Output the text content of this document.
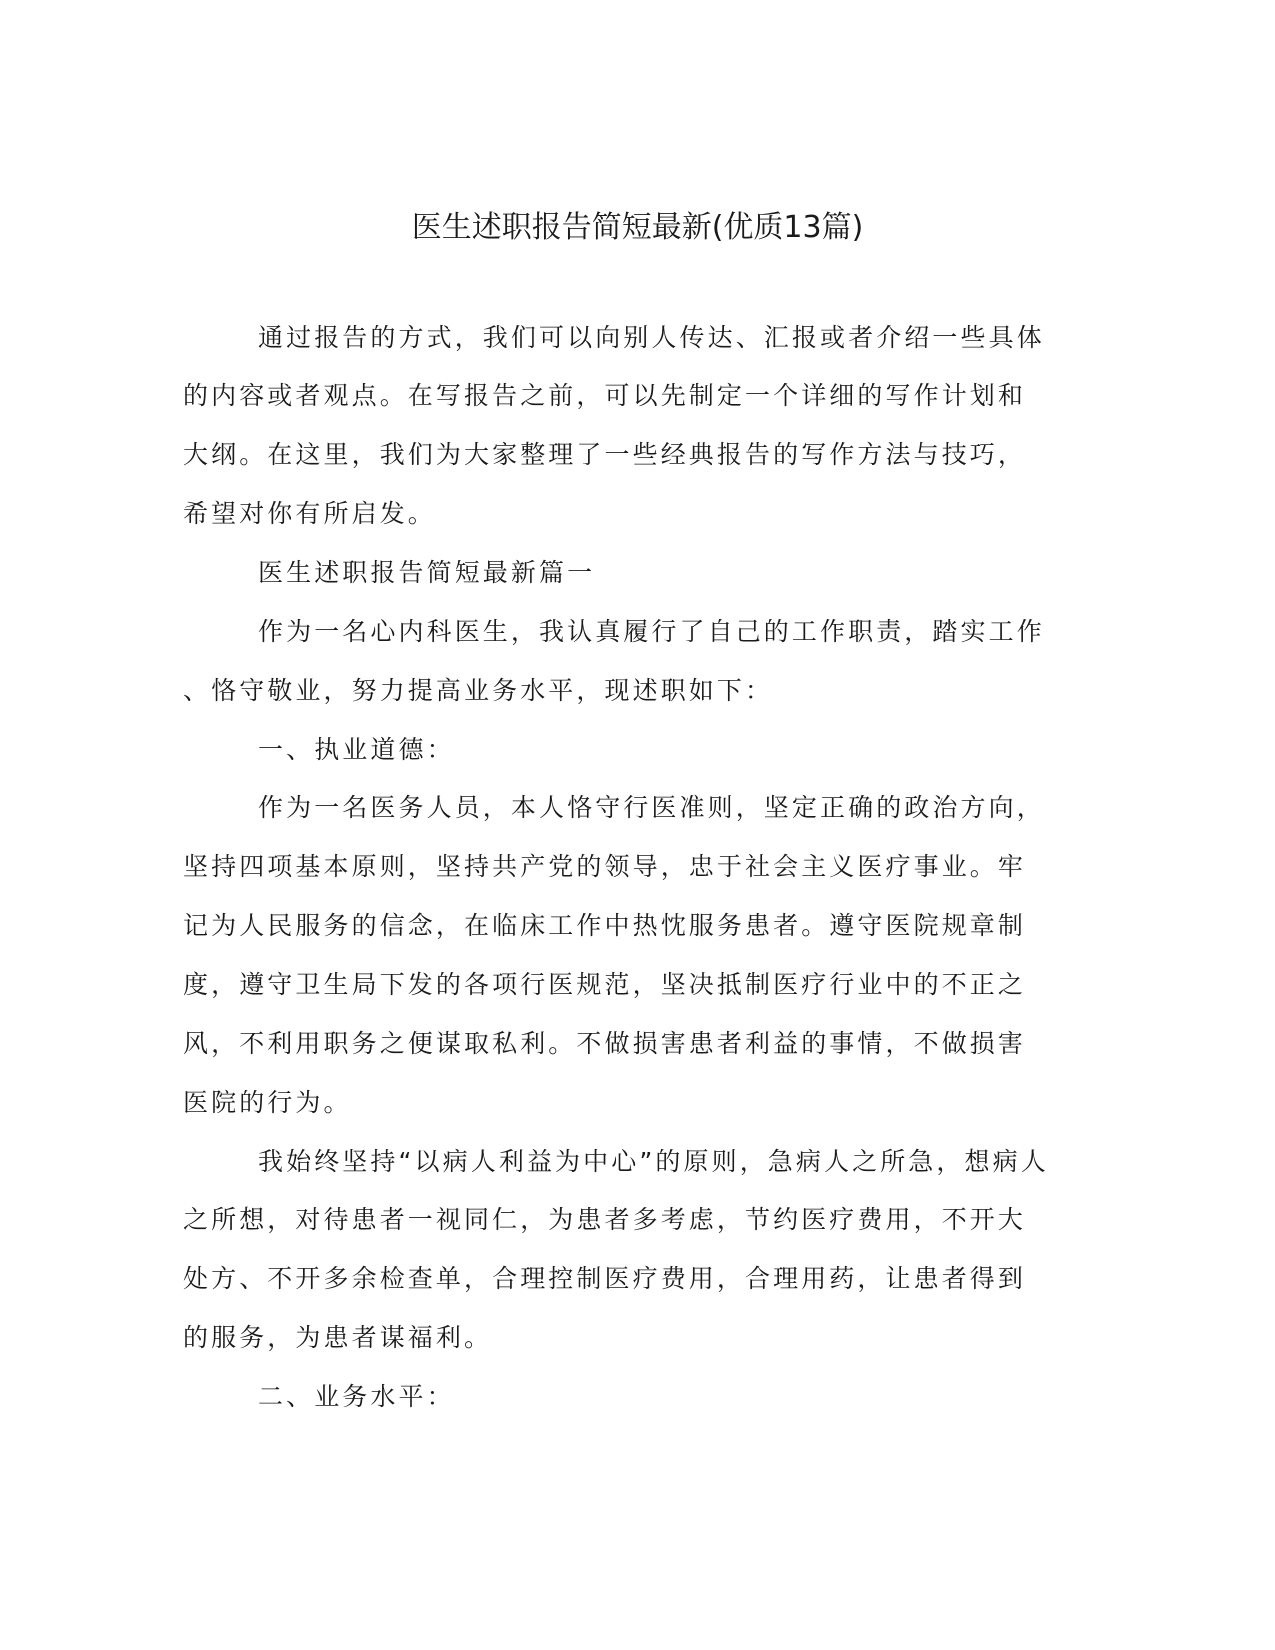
医生述职报告简短最新(优质13篇)
通过报告的方式，我们可以向别人传达、汇报或者介绍一些具体
的内容或者观点。在写报告之前，可以先制定一个详细的写作计划和
大纲。在这里，我们为大家整理了一些经典报告的写作方法与技巧，
希望对你有所启发。
医生述职报告简短最新篇一
作为一名心内科医生，我认真履行了自己的工作职责，踏实工作
、恪守敬业，努力提高业务水平，现述职如下：
一、执业道德：
作为一名医务人员，本人恪守行医准则，坚定正确的政治方向，
坚持四项基本原则，坚持共产党的领导，忠于社会主义医疗事业。牢
记为人民服务的信念，在临床工作中热忱服务患者。遵守医院规章制
度，遵守卫生局下发的各项行医规范，坚决抵制医疗行业中的不正之
风，不利用职务之便谋取私利。不做损害患者利益的事情，不做损害
医院的行为。
我始终坚持“以病人利益为中心”的原则，急病人之所急，想病人
之所想，对待患者一视同仁，为患者多考虑，节约医疗费用，不开大
处方、不开多余检查单，合理控制医疗费用，合理用药，让患者得到
的服务，为患者谋福利。
二、业务水平：
